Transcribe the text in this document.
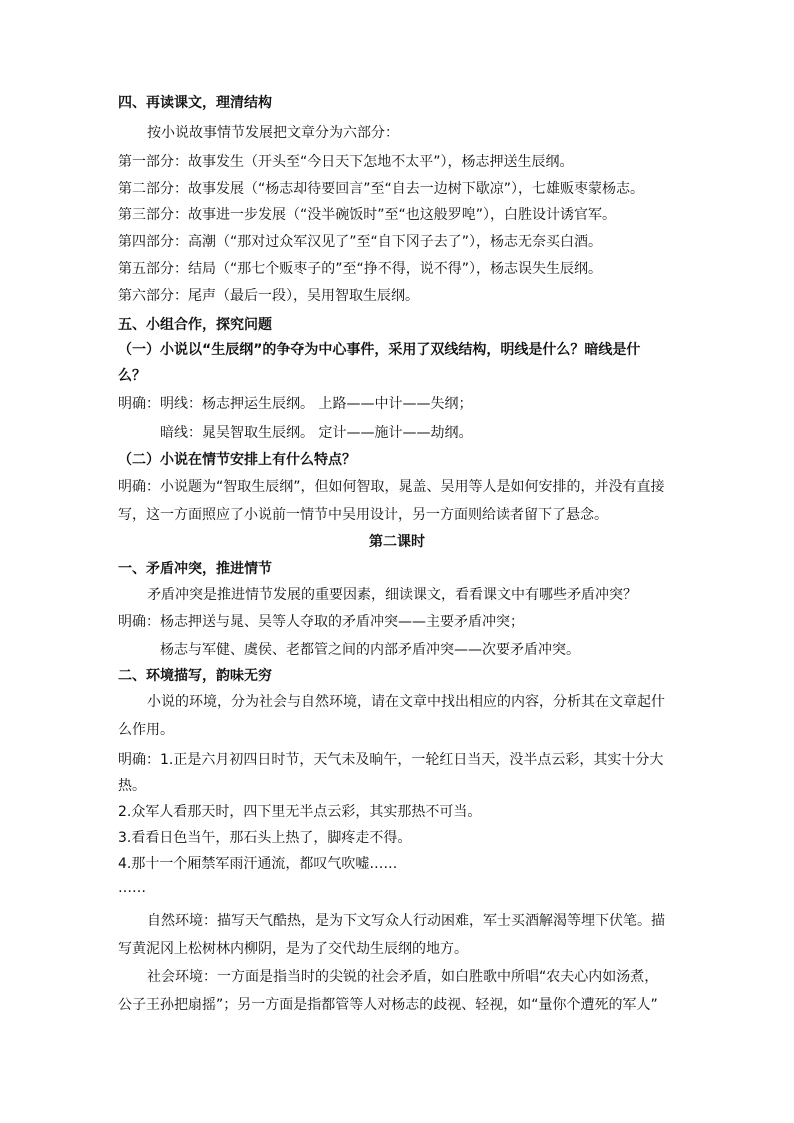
四、再读课文，理清结构
按小说故事情节发展把文章分为六部分：
第一部分：故事发生（开头至“今日天下怎地不太平”），杨志押送生辰纲。
第二部分：故事发展（“杨志却待要回言”至“自去一边树下歇凉”），七雄贩枣蒙杨志。
第三部分：故事进一步发展（“没半碗饭时”至“也这般罗唣”），白胜设计诱官军。
第四部分：高潮（“那对过众军汉见了”至“自下冈子去了”），杨志无奈买白酒。
第五部分：结局（“那七个贩枣子的”至“挣不得，说不得”），杨志误失生辰纲。
第六部分：尾声（最后一段），吴用智取生辰纲。
五、小组合作，探究问题
（一）小说以“生辰纲”的争夺为中心事件，采用了双线结构，明线是什么？暗线是什
么？
明确：明线：杨志押运生辰纲。 上路——中计——失纲；
暗线：晁吴智取生辰纲。 定计——施计——劫纲。
（二）小说在情节安排上有什么特点？
明确：小说题为“智取生辰纲”，但如何智取，晁盖、吴用等人是如何安排的，并没有直接
写，这一方面照应了小说前一情节中吴用设计，另一方面则给读者留下了悬念。
第二课时
一、矛盾冲突，推进情节
矛盾冲突是推进情节发展的重要因素，细读课文，看看课文中有哪些矛盾冲突？
明确：杨志押送与晁、吴等人夺取的矛盾冲突——主要矛盾冲突；
杨志与军健、虞侯、老都管之间的内部矛盾冲突——次要矛盾冲突。
二、环境描写，韵味无穷
小说的环境，分为社会与自然环境，请在文章中找出相应的内容，分析其在文章起什
么作用。
明确：1.正是六月初四日时节，天气未及晌午，一轮红日当天，没半点云彩，其实十分大
热。
2.众军人看那天时，四下里无半点云彩，其实那热不可当。
3.看看日色当午，那石头上热了，脚疼走不得。
4.那十一个厢禁军雨汗通流，都叹气吹嘘……
……
自然环境：描写天气酷热，是为下文写众人行动困难，军士买酒解渴等埋下伏笔。描
写黄泥冈上松树林内柳阴，是为了交代劫生辰纲的地方。
社会环境：一方面是指当时的尖锐的社会矛盾，如白胜歌中所唱“农夫心内如汤煮，
公子王孙把扇摇”；另一方面是指都管等人对杨志的歧视、轻视，如“量你个遭死的军人”
